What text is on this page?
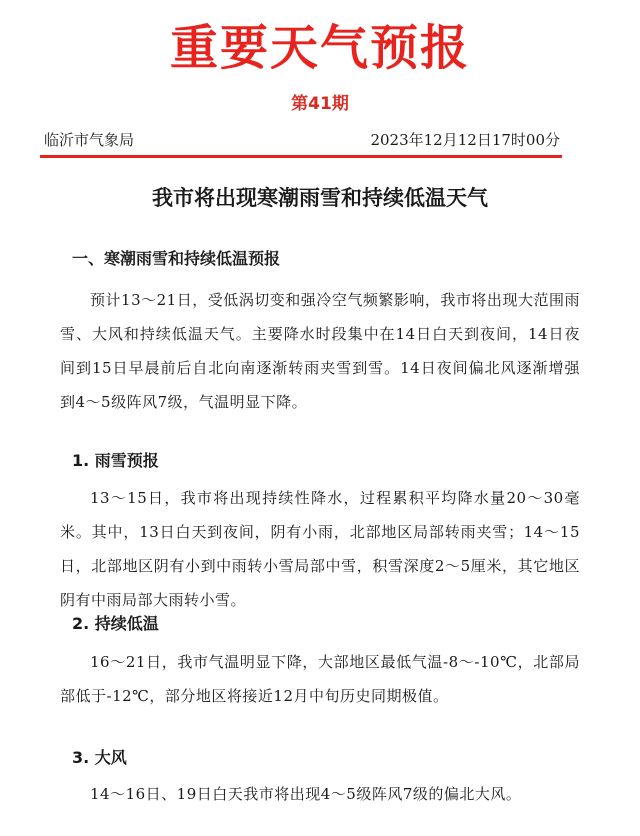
重要天气预报
第41期
临沂市气象局	2023年12月12日17时00分
我市将出现寒潮雨雪和持续低温天气

一、寒潮雨雪和持续低温预报

预计13～21日，受低涡切变和强冷空气频繁影响，我市将出现大范围雨雪、大风和持续低温天气。主要降水时段集中在14日白天到夜间，14日夜间到15日早晨前后自北向南逐渐转雨夹雪到雪。14日夜间偏北风逐渐增强到4～5级阵风7级，气温明显下降。

1. 雨雪预报

13～15日，我市将出现持续性降水，过程累积平均降水量20～30毫米。其中，13日白天到夜间，阴有小雨，北部地区局部转雨夹雪；14～15日，北部地区阴有小到中雨转小雪局部中雪，积雪深度2～5厘米，其它地区阴有中雨局部大雨转小雪。

2. 持续低温

16～21日，我市气温明显下降，大部地区最低气温-8～-10℃，北部局部低于-12℃，部分地区将接近12月中旬历史同期极值。

3. 大风

14～16日、19日白天我市将出现4～5级阵风7级的偏北大风。
